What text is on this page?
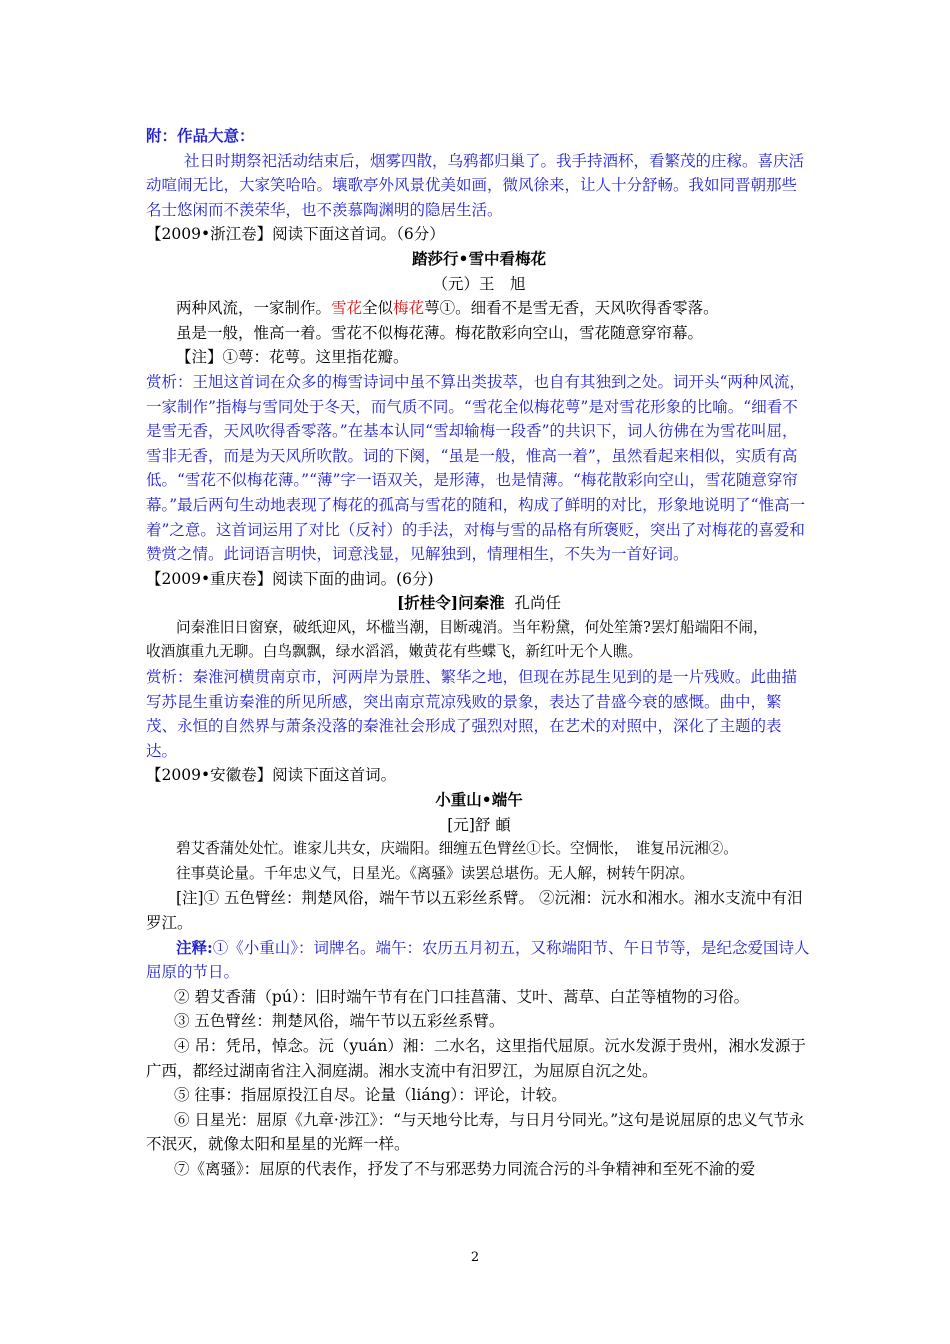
附：作品大意：

社日时期祭祀活动结束后，烟雾四散，乌鸦都归巢了。我手持酒杯，看繁茂的庄稼。喜庆活动喧闹无比，大家笑哈哈。壤歌亭外风景优美如画，微风徐来，让人十分舒畅。我如同晋朝那些名士悠闲而不羡荣华，也不羡慕陶渊明的隐居生活。

【2009•浙江卷】阅读下面这首词。（6分）

踏莎行•雪中看梅花

（元）王　旭

两种风流，一家制作。雪花全似梅花萼①。细看不是雪无香，天风吹得香零落。

虽是一般，惟高一着。雪花不似梅花薄。梅花散彩向空山，雪花随意穿帘幕。

【注】①萼：花萼。这里指花瓣。

赏析：王旭这首词在众多的梅雪诗词中虽不算出类拔萃，也自有其独到之处。词开头“两种风流，一家制作”指梅与雪同处于冬天，而气质不同。“雪花全似梅花萼”是对雪花形象的比喻。“细看不是雪无香，天风吹得香零落。”在基本认同“雪却输梅一段香”的共识下，词人彷佛在为雪花叫屈，雪非无香，而是为天风所吹散。词的下阕，“虽是一般，惟高一着”，虽然看起来相似，实质有高低。“雪花不似梅花薄。”“薄”字一语双关，是形薄，也是情薄。“梅花散彩向空山，雪花随意穿帘幕。”最后两句生动地表现了梅花的孤高与雪花的随和，构成了鲜明的对比，形象地说明了“惟高一着”之意。这首词运用了对比（反衬）的手法，对梅与雪的品格有所褒贬，突出了对梅花的喜爱和赞赏之情。此词语言明快，词意浅显，见解独到，情理相生，不失为一首好词。

【2009•重庆卷】阅读下面的曲词。(6分)

[折桂令]问秦淮 孔尚任

问秦淮旧日窗寮，破纸迎风，坏槛当潮，目断魂消。当年粉黛，何处笙箫?罢灯船端阳不闹，

收酒旗重九无聊。白鸟飘飘，绿水滔滔，嫩黄花有些蝶飞，新红叶无个人瞧。

赏析：秦淮河横贯南京市，河两岸为景胜、繁华之地，但现在苏昆生见到的是一片残败。此曲描写苏昆生重访秦淮的所见所感，突出南京荒凉残败的景象，表达了昔盛今衰的感慨。曲中，繁茂、永恒的自然界与萧条没落的秦淮社会形成了强烈对照，在艺术的对照中，深化了主题的表达。

【2009•安徽卷】阅读下面这首词。

小重山•端午

[元]舒 頔

碧艾香蒲处处忙。谁家儿共女，庆端阳。细缠五色臂丝①长。空惆怅，　谁复吊沅湘②。

往事莫论量。千年忠义气，日星光。《离骚》读罢总堪伤。无人解，树转午阴凉。

[注]① 五色臂丝：荆楚风俗，端午节以五彩丝系臂。 ②沅湘：沅水和湘水。湘水支流中有汨罗江。

注释:①《小重山》：词牌名。端午：农历五月初五，又称端阳节、午日节等，是纪念爱国诗人屈原的节日。

② 碧艾香蒲（pú）：旧时端午节有在门口挂菖蒲、艾叶、蒿草、白芷等植物的习俗。

③ 五色臂丝：荆楚风俗，端午节以五彩丝系臂。

④ 吊：凭吊，悼念。沅（yuán）湘：二水名，这里指代屈原。沅水发源于贵州，湘水发源于广西，都经过湖南省注入洞庭湖。湘水支流中有汨罗江，为屈原自沉之处。

⑤ 往事：指屈原投江自尽。论量（liáng）：评论，计较。

⑥ 日星光：屈原《九章·涉江》：“与天地兮比寿，与日月兮同光。”这句是说屈原的忠义气节永不泯灭，就像太阳和星星的光辉一样。

⑦《离骚》：屈原的代表作，抒发了不与邪恶势力同流合污的斗争精神和至死不渝的爱

2
